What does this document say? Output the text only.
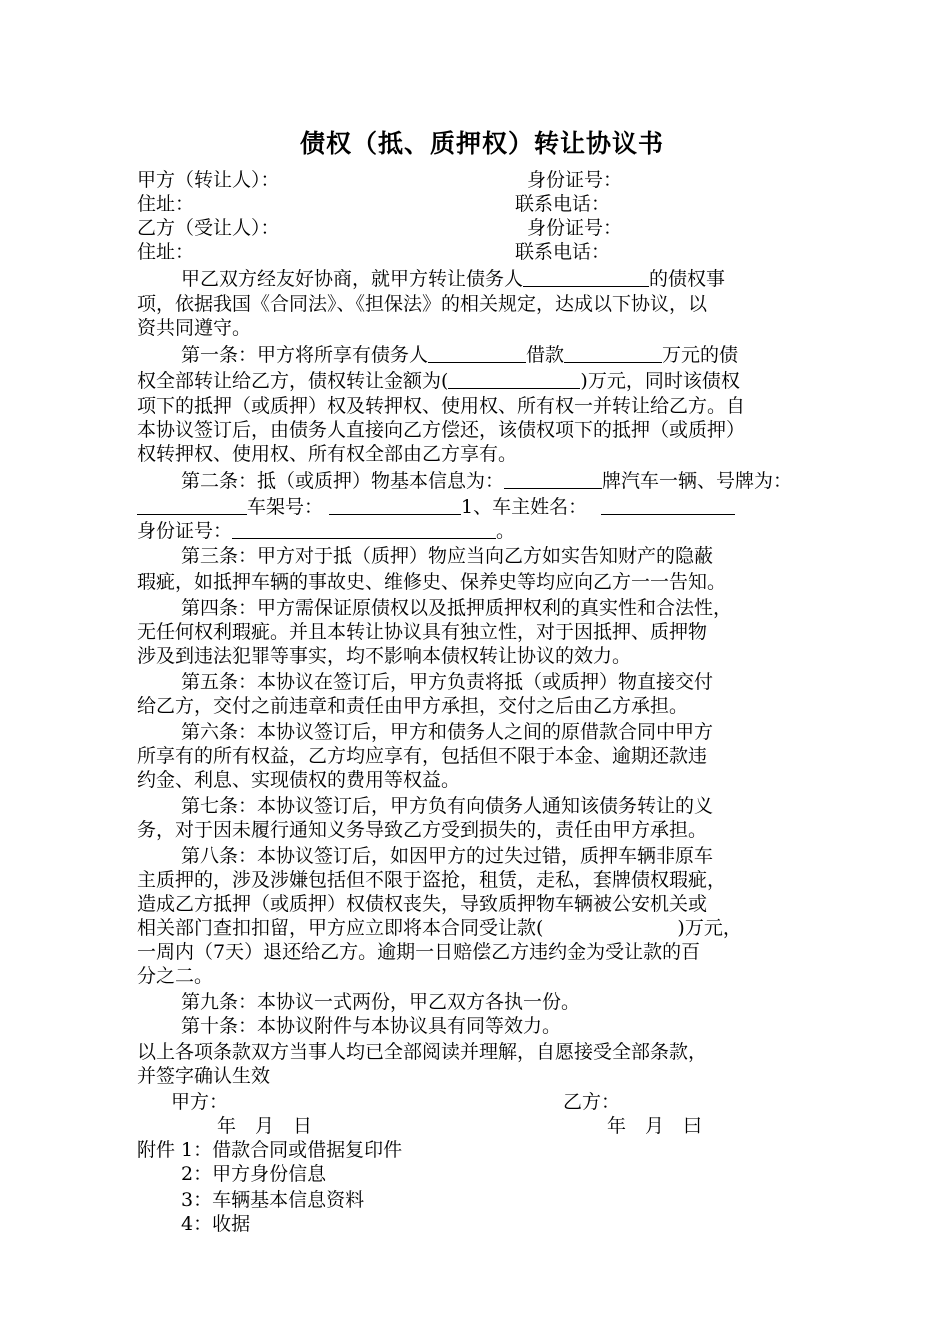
债权（抵、质押权）转让协议书
甲方（转让人）：	身份证号：
住址：	联系电话：
乙方（受让人）：	身份证号：
住址：	联系电话：
甲乙双方经友好协商，就甲方转让债务人	的债权事
项，依据我国《合同法》、《担保法》的相关规定，达成以下协议，以
资共同遵守。
第一条：甲方将所享有债务人	借款	万元的债
权全部转让给乙方，债权转让金额为(	)万元，同时该债权
项下的抵押（或质押）权及转押权、使用权、所有权一并转让给乙方。自
本协议签订后，由债务人直接向乙方偿还，该债权项下的抵押（或质押）
权转押权、使用权、所有权全部由乙方享有。
第二条：抵（或质押）物基本信息为：	牌汽车一辆、号牌为：
车架号：	1、车主姓名：
身份证号：	。
第三条：甲方对于抵（质押）物应当向乙方如实告知财产的隐蔽
瑕疵，如抵押车辆的事故史、维修史、保养史等均应向乙方一一告知。
第四条：甲方需保证原债权以及抵押质押权利的真实性和合法性，
无任何权利瑕疵。并且本转让协议具有独立性，对于因抵押、质押物
涉及到违法犯罪等事实，均不影响本债权转让协议的效力。
第五条：本协议在签订后，甲方负责将抵（或质押）物直接交付
给乙方，交付之前违章和责任由甲方承担，交付之后由乙方承担。
第六条：本协议签订后，甲方和债务人之间的原借款合同中甲方
所享有的所有权益，乙方均应享有，包括但不限于本金、逾期还款违
约金、利息、实现债权的费用等权益。
第七条：本协议签订后，甲方负有向债务人通知该债务转让的义
务，对于因未履行通知义务导致乙方受到损失的，责任由甲方承担。
第八条：本协议签订后，如因甲方的过失过错，质押车辆非原车
主质押的，涉及涉嫌包括但不限于盗抢，租赁，走私，套牌债权瑕疵，
造成乙方抵押（或质押）权债权丧失，导致质押物车辆被公安机关或
相关部门查扣扣留，甲方应立即将本合同受让款(	)万元，
一周内（7天）退还给乙方。逾期一日赔偿乙方违约金为受让款的百
分之二。
第九条：本协议一式两份，甲乙双方各执一份。
第十条：本协议附件与本协议具有同等效力。
以上各项条款双方当事人均已全部阅读并理解，自愿接受全部条款，
并签字确认生效
甲方：	乙方：
年　月　日	年　月　曰
附件 1：借款合同或借据复印件
2：甲方身份信息
3：车辆基本信息资料
4：收据
